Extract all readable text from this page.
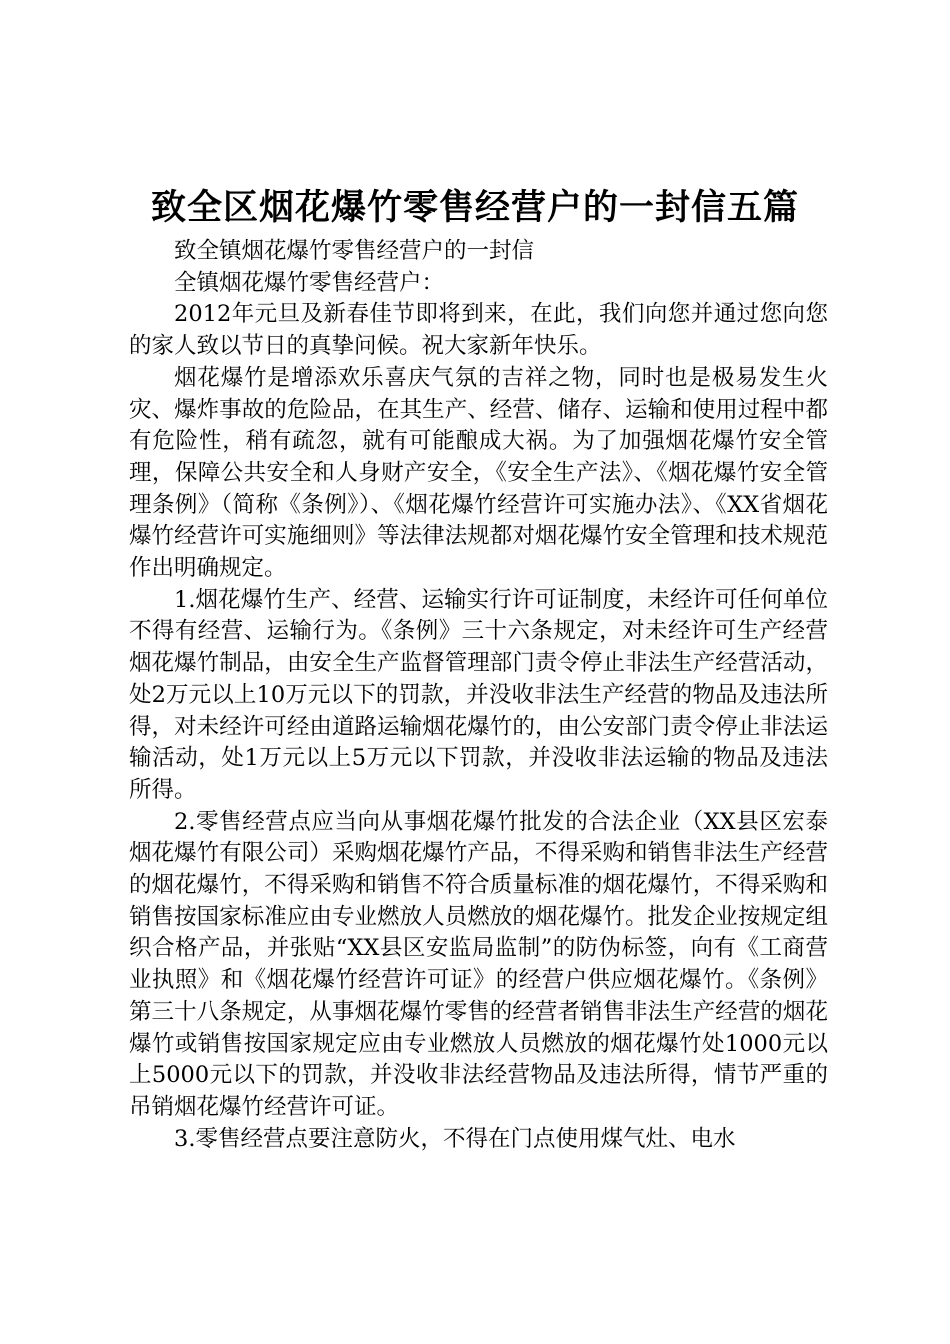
致全区烟花爆竹零售经营户的一封信五篇

致全镇烟花爆竹零售经营户的一封信

全镇烟花爆竹零售经营户：

2012年元旦及新春佳节即将到来，在此，我们向您并通过您向您的家人致以节日的真挚问候。祝大家新年快乐。

烟花爆竹是增添欢乐喜庆气氛的吉祥之物，同时也是极易发生火灾、爆炸事故的危险品，在其生产、经营、储存、运输和使用过程中都有危险性，稍有疏忽，就有可能酿成大祸。为了加强烟花爆竹安全管理，保障公共安全和人身财产安全，《安全生产法》、《烟花爆竹安全管理条例》（简称《条例》）、《烟花爆竹经营许可实施办法》、《XX省烟花爆竹经营许可实施细则》等法律法规都对烟花爆竹安全管理和技术规范作出明确规定。

1.烟花爆竹生产、经营、运输实行许可证制度，未经许可任何单位不得有经营、运输行为。《条例》三十六条规定，对未经许可生产经营烟花爆竹制品，由安全生产监督管理部门责令停止非法生产经营活动，处2万元以上10万元以下的罚款，并没收非法生产经营的物品及违法所得，对未经许可经由道路运输烟花爆竹的，由公安部门责令停止非法运输活动，处1万元以上5万元以下罚款，并没收非法运输的物品及违法所得。

2.零售经营点应当向从事烟花爆竹批发的合法企业（XX县区宏泰烟花爆竹有限公司）采购烟花爆竹产品，不得采购和销售非法生产经营的烟花爆竹，不得采购和销售不符合质量标准的烟花爆竹，不得采购和销售按国家标准应由专业燃放人员燃放的烟花爆竹。批发企业按规定组织合格产品，并张贴“XX县区安监局监制”的防伪标签，向有《工商营业执照》和《烟花爆竹经营许可证》的经营户供应烟花爆竹。《条例》第三十八条规定，从事烟花爆竹零售的经营者销售非法生产经营的烟花爆竹或销售按国家规定应由专业燃放人员燃放的烟花爆竹处1000元以上5000元以下的罚款，并没收非法经营物品及违法所得，情节严重的吊销烟花爆竹经营许可证。

3.零售经营点要注意防火，不得在门点使用煤气灶、电水
